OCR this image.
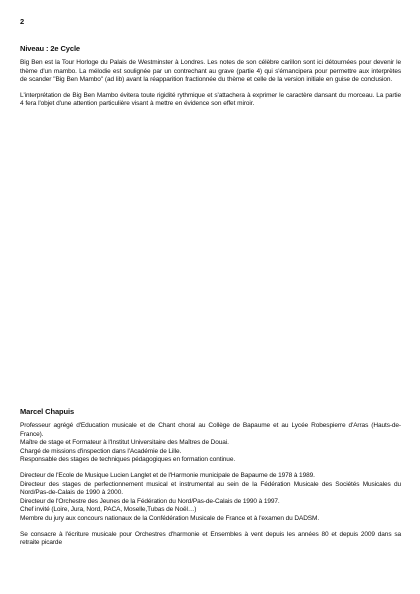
2
Niveau : 2e Cycle

Big Ben est la Tour Horloge du Palais de Westminster à Londres. Les notes de son célèbre carillon sont ici détournées pour devenir le thème d'un mambo. La mélodie est soulignée par un contrechant au grave (partie 4) qui s'émancipera pour permettre aux interprètes de scander "Big Ben Mambo" (ad lib) avant la réapparition fractionnée du thème et celle de la version initiale en guise de conclusion.

L'interprétation de Big Ben Mambo évitera toute rigidité rythmique et s'attachera à exprimer le caractère dansant du morceau. La partie 4 fera l'objet d'une attention particulière visant à mettre en évidence son effet miroir.

Marcel Chapuis

Professeur agrégé d'Education musicale et de Chant choral au Collège de Bapaume et au Lycée Robespierre d'Arras (Hauts-de-France).

Maître de stage et Formateur à l'Institut Universitaire des Maîtres de Douai.
Chargé de missions d'inspection dans l'Académie de Lille.
Responsable des stages de techniques pédagogiques en formation continue.
Directeur de l'Ecole de Musique Lucien Langlet et de l'Harmonie municipale de Bapaume de 1978 à 1989.

Directeur des stages de perfectionnement musical et instrumental au sein de la Fédération Musicale des Sociétés Musicales du Nord/Pas-de-Calais de 1990 à 2000.

Directeur de l'Orchestre des Jeunes de la Fédération du Nord/Pas-de-Calais de 1990 à 1997.
Chef invité (Loire, Jura, Nord, PACA, Moselle,Tubas de Noël…)
Membre du jury aux concours nationaux de la Confédération Musicale de France et à l'examen du DADSM.

Se consacre à l'écriture musicale pour Orchestres d'harmonie et Ensembles à vent depuis les années 80 et depuis 2009 dans sa retraite picarde
